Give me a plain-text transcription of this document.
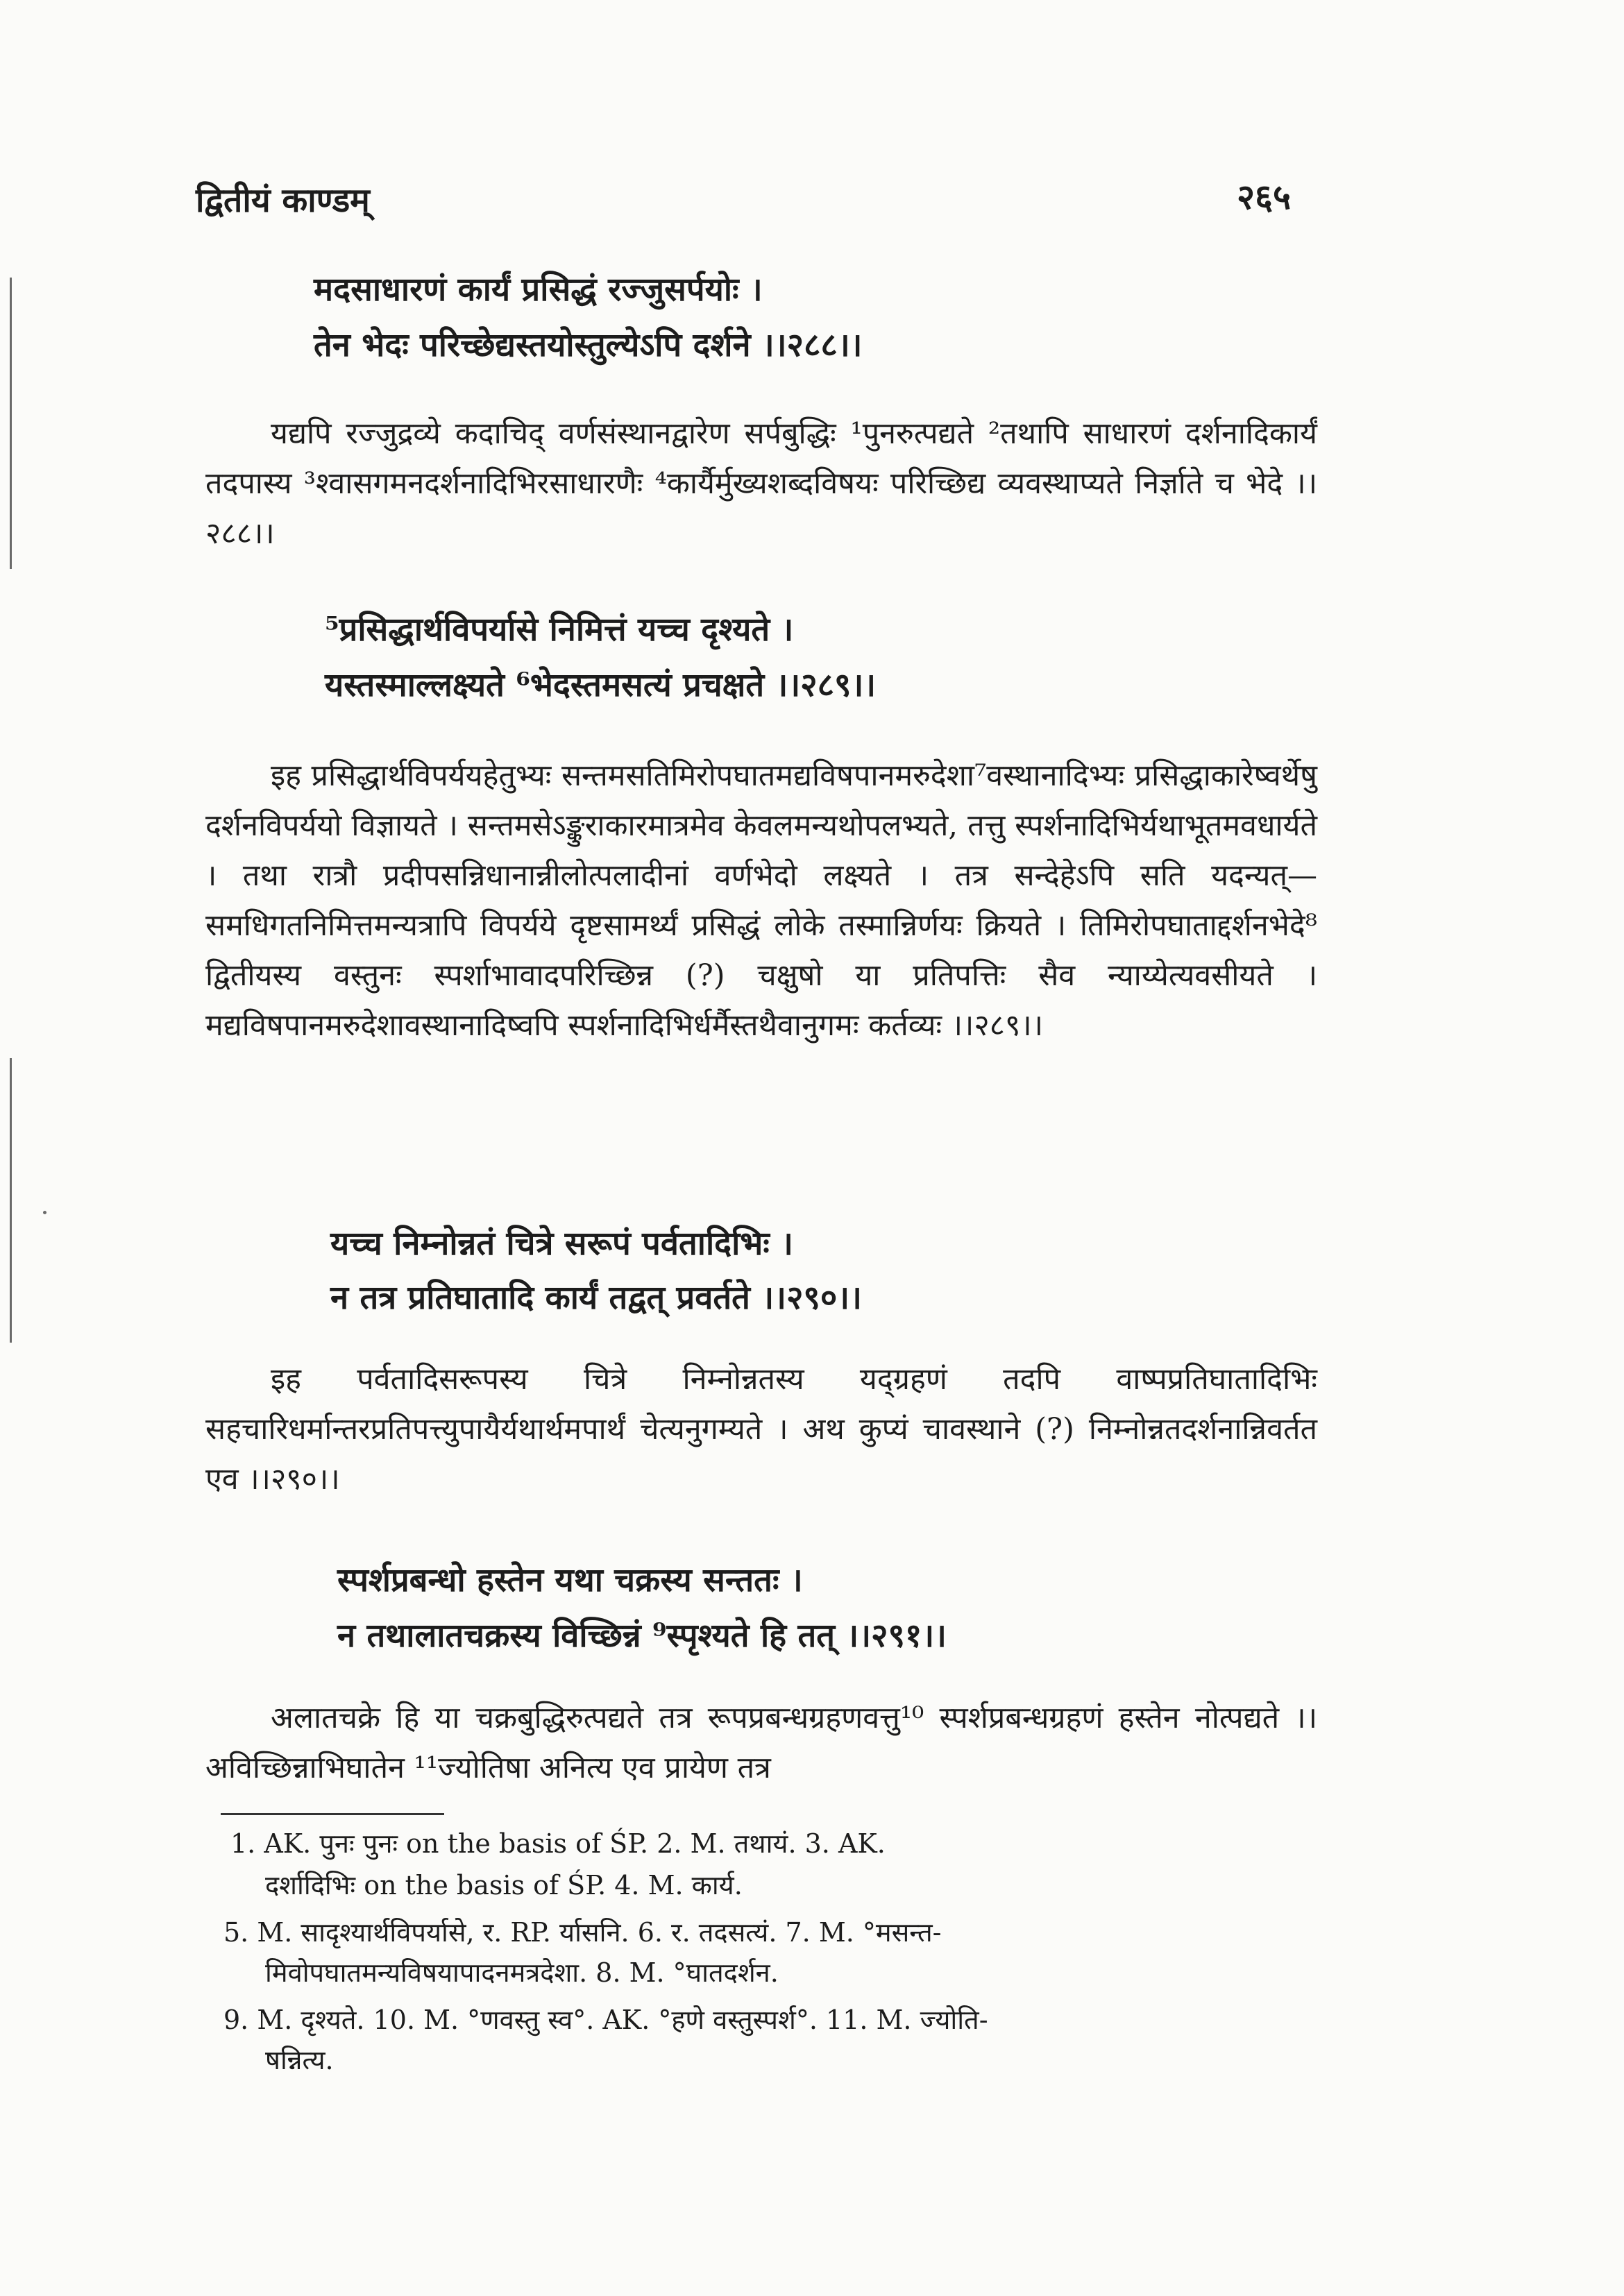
द्वितीयं काण्डम्	२६५
मदसाधारणं कार्यं प्रसिद्धं रज्जुसर्पयोः ।
तेन भेदः परिच्छेद्यस्तयोस्तुल्येऽपि दर्शने ।।२८८।।

यद्यपि रज्जुद्रव्ये कदाचिद् वर्णसंस्थानद्वारेण सर्पबुद्धिः ¹पुनरुत्पद्यते ²तथापि साधारणं दर्शनादिकार्यं तदपास्य ³श्वासगमनदर्शनादिभिरसाधारणैः ⁴कार्यैर्मुख्यशब्दविषयः परिच्छिद्य व्यवस्थाप्यते निर्ज्ञाते च भेदे ।।२८८।।

⁵प्रसिद्धार्थविपर्यासे निमित्तं यच्च दृश्यते ।
यस्तस्माल्लक्ष्यते ⁶भेदस्तमसत्यं प्रचक्षते ।।२८९।।

इह प्रसिद्धार्थविपर्ययहेतुभ्यः सन्तमसतिमिरोपघातमद्यविषपानमरुदेशा⁷वस्थानादिभ्यः प्रसिद्धाकारेष्वर्थेषु दर्शनविपर्ययो विज्ञायते । सन्तमसेऽङ्कुराकारमात्रमेव केवलमन्यथोपलभ्यते, तत्तु स्पर्शनादिभिर्यथाभूतमवधार्यते । तथा रात्रौ प्रदीपसन्निधानान्नीलोत्पलादीनां वर्णभेदो लक्ष्यते । तत्र सन्देहेऽपि सति यदन्यत्—समधिगतनिमित्तमन्यत्रापि विपर्यये दृष्टसामर्थ्यं प्रसिद्धं लोके तस्मान्निर्णयः क्रियते । तिमिरोपघाताद्दर्शनभेदे⁸ द्वितीयस्य वस्तुनः स्पर्शाभावादपरिच्छिन्न (?) चक्षुषो या प्रतिपत्तिः सैव न्याय्येत्यवसीयते । मद्यविषपानमरुदेशावस्थानादिष्वपि स्पर्शनादिभिर्धर्मैस्तथैवानुगमः कर्तव्यः ।।२८९।।

यच्च निम्नोन्नतं चित्रे सरूपं पर्वतादिभिः ।
न तत्र प्रतिघातादि कार्यं तद्वत् प्रवर्तते ।।२९०।।

इह पर्वतादिसरूपस्य चित्रे निम्नोन्नतस्य यद्ग्रहणं तदपि वाष्पप्रतिघातादिभिः सहचारिधर्मान्तरप्रतिपत्त्युपायैर्यथार्थमपार्थं चेत्यनुगम्यते । अथ कुप्यं चावस्थाने (?) निम्नोन्नतदर्शनान्निवर्तत एव ।।२९०।।

स्पर्शप्रबन्धो हस्तेन यथा चक्रस्य सन्ततः ।
न तथालातचक्रस्य विच्छिन्नं ⁹स्पृश्यते हि तत् ।।२९१।।

अलातचक्रे हि या चक्रबुद्धिरुत्पद्यते तत्र रूपप्रबन्धग्रहणवत्तु¹⁰ स्पर्शप्रबन्धग्रहणं हस्तेन नोत्पद्यते ।। अविच्छिन्नाभिघातेन ¹¹ज्योतिषा अनित्य एव प्रायेण तत्र

1. AK. पुनः पुनः on the basis of ŚP. 2. M. तथायं. 3. AK.
दर्शादिभिः on the basis of ŚP. 4. M. कार्य.
5. M. सादृश्यार्थविपर्यासे, र. RP. र्यासनि. 6. र. तदसत्यं. 7. M. °मसन्त-
मिवोपघातमन्यविषयापादनमत्रदेशा. 8. M. °घातदर्शन.
9. M. दृश्यते. 10. M. °णवस्तु स्व°. AK. °हणे वस्तुस्पर्श°. 11. M. ज्योति-
षन्नित्य.
